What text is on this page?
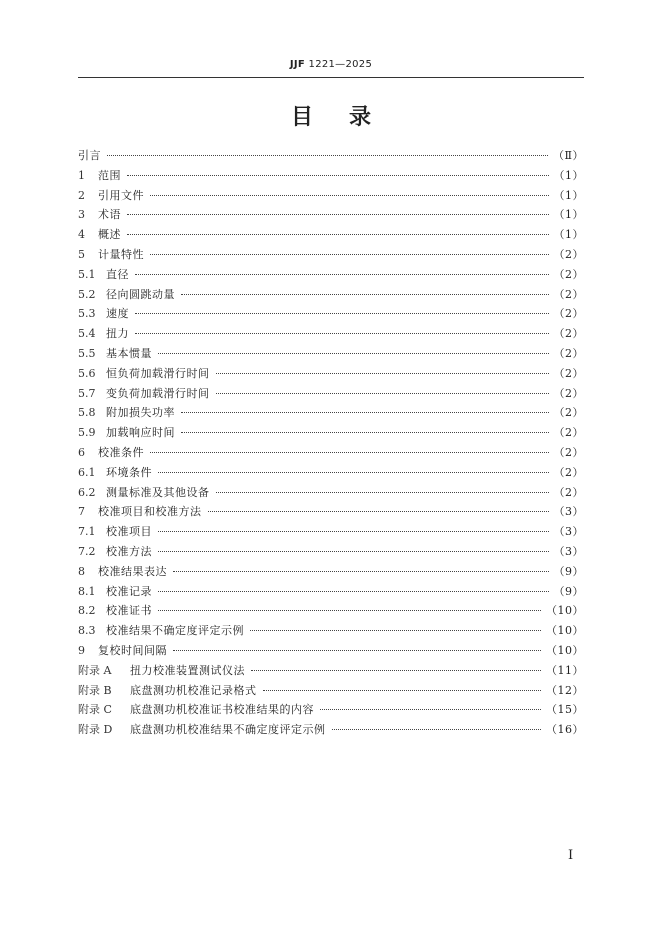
JJF 1221—2025
目录
引言	（Ⅱ）
1	范围	（1）
2	引用文件	（1）
3	术语	（1）
4	概述	（1）
5	计量特性	（2）
5.1 直径	（2）
5.2 径向圆跳动量	（2）
5.3 速度	（2）
5.4 扭力	（2）
5.5 基本惯量	（2）
5.6 恒负荷加载滑行时间	（2）
5.7 变负荷加载滑行时间	（2）
5.8 附加损失功率	（2）
5.9 加载响应时间	（2）
6	校准条件	（2）
6.1 环境条件	（2）
6.2 测量标准及其他设备	（2）
7	校准项目和校准方法	（3）
7.1 校准项目	（3）
7.2 校准方法	（3）
8	校准结果表达	（9）
8.1 校准记录	（9）
8.2 校准证书	（10）
8.3 校准结果不确定度评定示例	（10）
9	复校时间间隔	（10）
附录 A	扭力校准装置测试仪法	（11）
附录 B	底盘测功机校准记录格式	（12）
附录 C	底盘测功机校准证书校准结果的内容	（15）
附录 D	底盘测功机校准结果不确定度评定示例	（16）
Ⅰ
